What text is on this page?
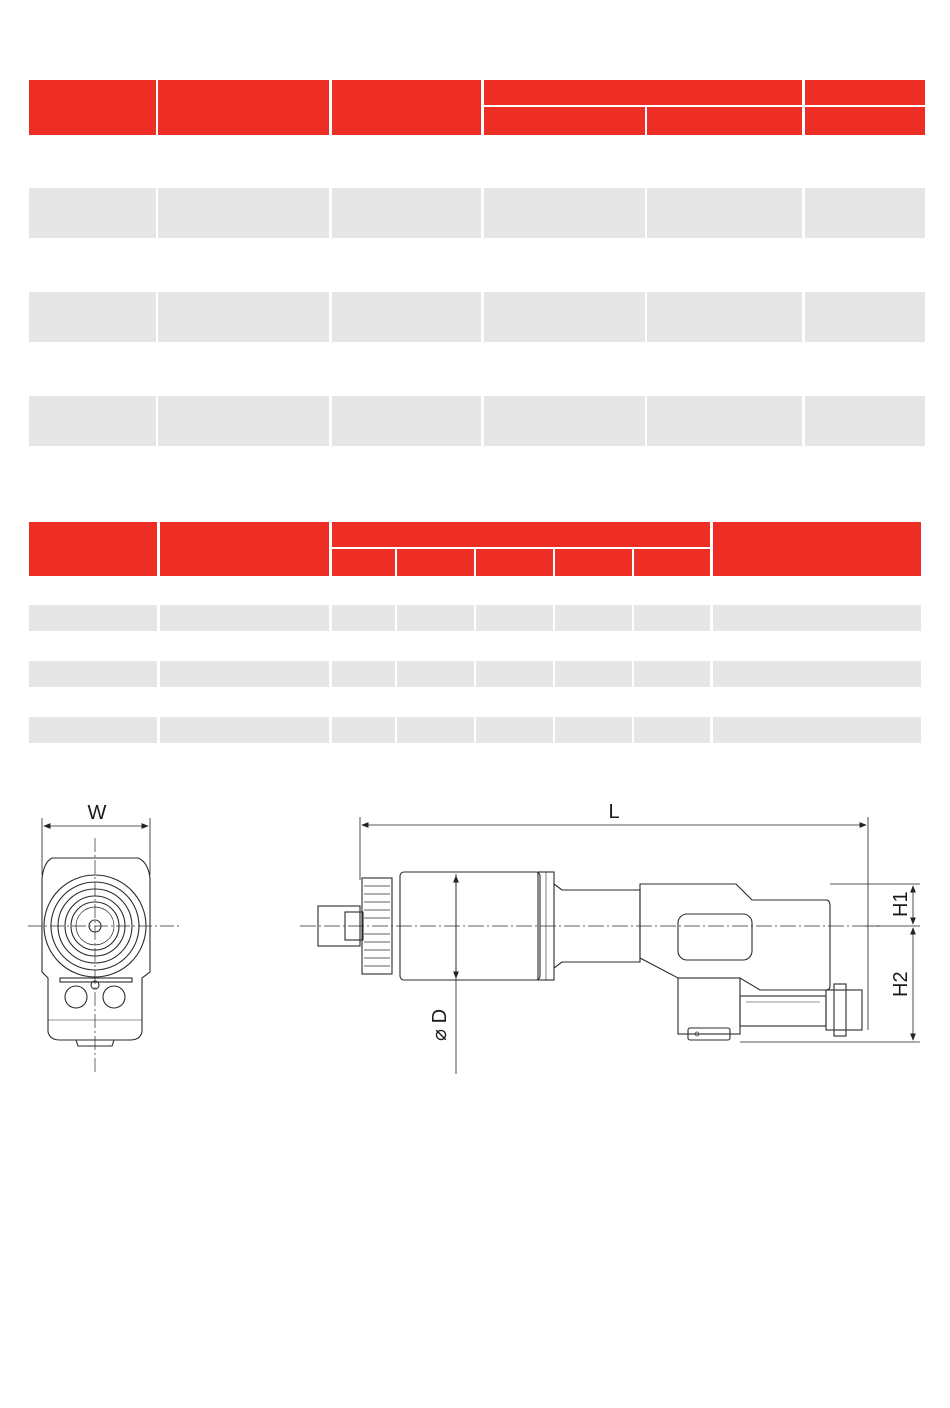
W	L
⌀ D
H1
H2
